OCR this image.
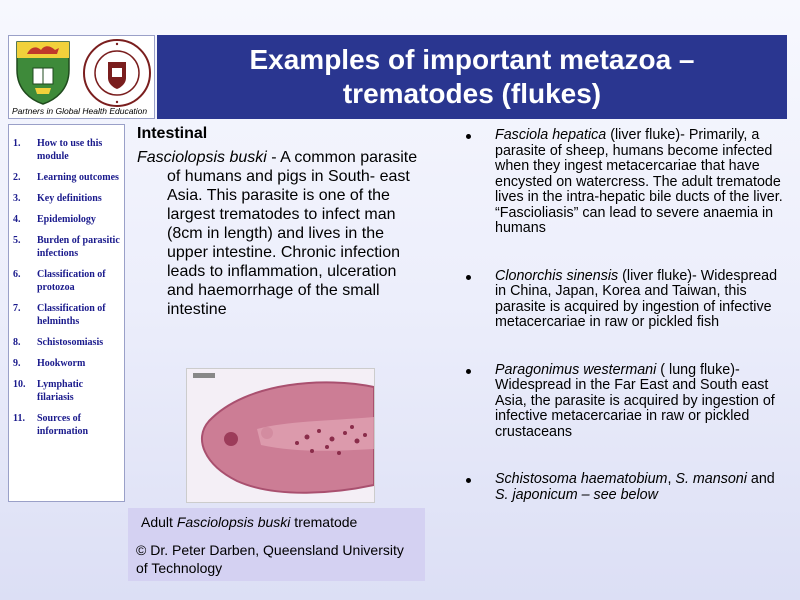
Partners in Global Health Education
Examples of important metazoa –
trematodes (flukes)
1.	How to use this module
2.	Learning outcomes
3.	Key definitions
4.	Epidemiology
5.	Burden of parasitic infections
6.	Classification of protozoa
7.	Classification of helminths
8.	Schistosomiasis
9.	Hookworm
10.	Lymphatic filariasis
11.	Sources of information
Intestinal
Fasciolopsis buski - A common parasite of humans and pigs in South- east Asia. This parasite is one of the largest trematodes to infect man (8cm in length) and lives in the upper intestine. Chronic infection leads to inflammation, ulceration and haemorrhage of the small intestine
Adult Fasciolopsis buski trematode
© Dr. Peter Darben, Queensland University of Technology
Fasciola hepatica (liver fluke)- Primarily, a parasite of sheep, humans become infected when they ingest metacercariae that have encysted on watercress. The adult trematode lives in the intra-hepatic bile ducts of the liver. “Fascioliasis” can lead to severe anaemia in humans
Clonorchis sinensis (liver fluke)- Widespread in China, Japan, Korea and Taiwan, this parasite is acquired by ingestion of infective metacercariae in raw or pickled fish
Paragonimus westermani ( lung fluke)- Widespread in the Far East and South east Asia, the parasite is acquired by ingestion of infective metacercariae in raw or pickled crustaceans
Schistosoma haematobium, S. mansoni and S. japonicum – see below
